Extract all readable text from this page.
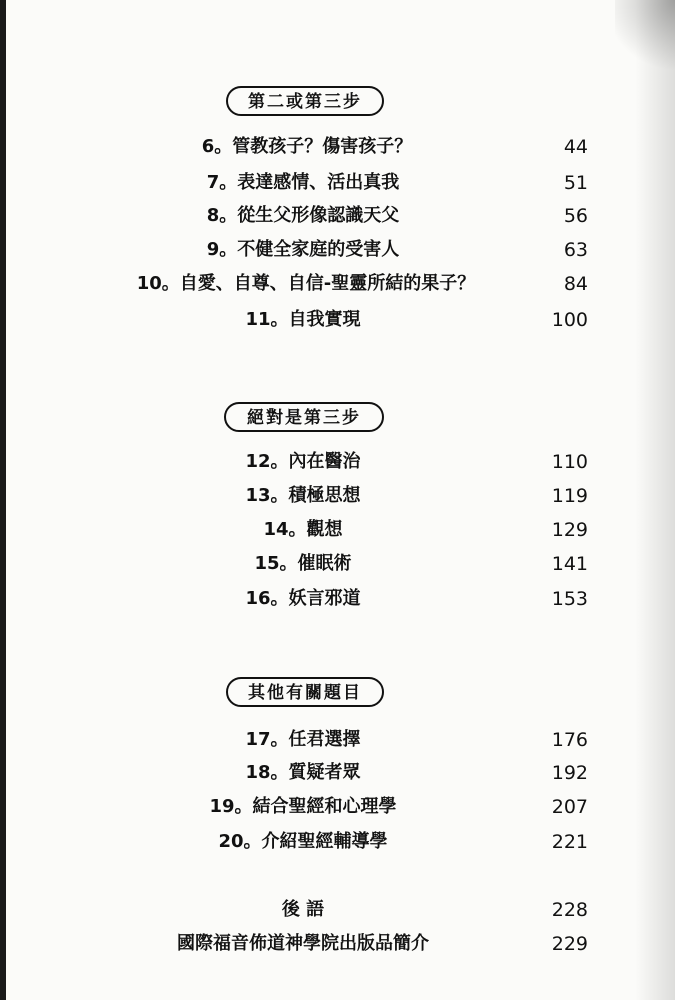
第二或第三步
6。管教孩子？傷害孩子？	44
7。表達感情、活出真我	51
8。從生父形像認識天父	56
9。不健全家庭的受害人	63
10。自愛、自尊、自信-聖靈所結的果子？	84
11。自我實現	100
絕對是第三步
12。內在醫治	110
13。積極思想	119
14。觀想	129
15。催眠術	141
16。妖言邪道	153
其他有關題目
17。任君選擇	176
18。質疑者眾	192
19。結合聖經和心理學	207
20。介紹聖經輔導學	221
後 語	228
國際福音佈道神學院出版品簡介	229
